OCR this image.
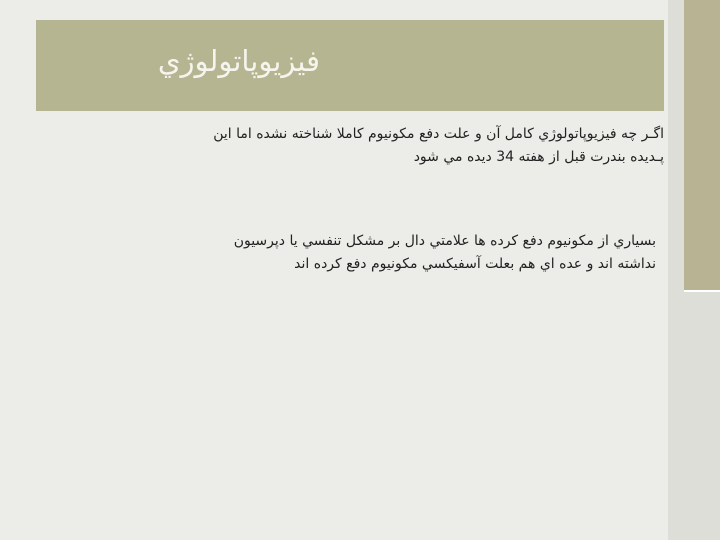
فيزيوپاتولوژي
اگـر چه فيزيوپاتولوژي كامل آن و علت دفع مكونيوم كاملا شناخته نشده اما اين
پـديده بندرت قبل از هفته 34 ديده مي شود
بسياري از مكونيوم دفع كرده ها علامتي دال بر مشكل تنفسي يا دپرسيون
نداشته اند و عده اي هم بعلت آسفيكسي مكونيوم دفع كرده اند
